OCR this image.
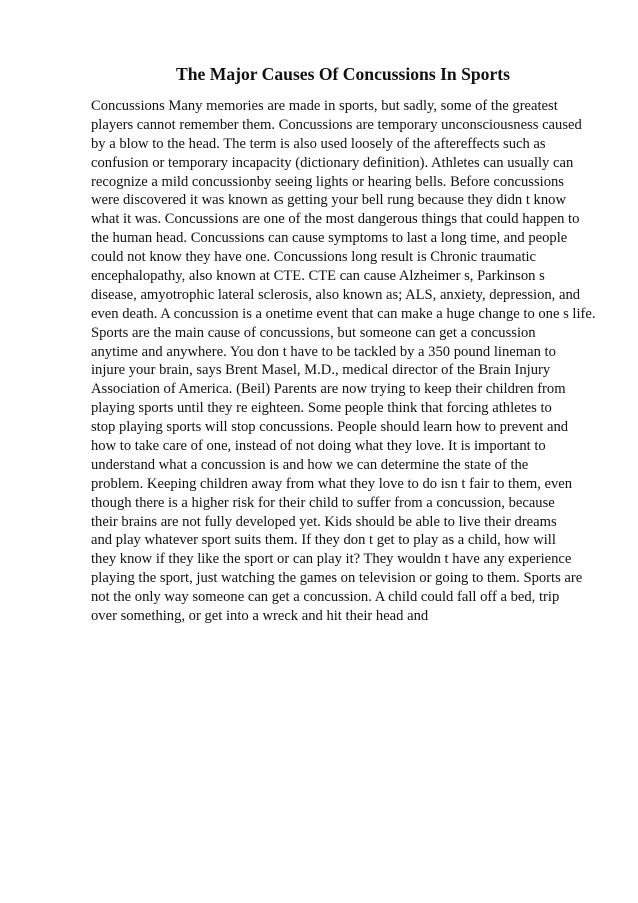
The Major Causes Of Concussions In Sports
Concussions Many memories are made in sports, but sadly, some of the greatest
players cannot remember them. Concussions are temporary unconsciousness caused
by a blow to the head. The term is also used loosely of the aftereffects such as
confusion or temporary incapacity (dictionary definition). Athletes can usually can
recognize a mild concussionby seeing lights or hearing bells. Before concussions
were discovered it was known as getting your bell rung because they didn t know
what it was. Concussions are one of the most dangerous things that could happen to
the human head. Concussions can cause symptoms to last a long time, and people
could not know they have one. Concussions long result is Chronic traumatic
encephalopathy, also known at CTE. CTE can cause Alzheimer s, Parkinson s
disease, amyotrophic lateral sclerosis, also known as; ALS, anxiety, depression, and
even death. A concussion is a onetime event that can make a huge change to one s life.
Sports are the main cause of concussions, but someone can get a concussion
anytime and anywhere. You don t have to be tackled by a 350 pound lineman to
injure your brain, says Brent Masel, M.D., medical director of the Brain Injury
Association of America. (Beil) Parents are now trying to keep their children from
playing sports until they re eighteen. Some people think that forcing athletes to
stop playing sports will stop concussions. People should learn how to prevent and
how to take care of one, instead of not doing what they love. It is important to
understand what a concussion is and how we can determine the state of the
problem. Keeping children away from what they love to do isn t fair to them, even
though there is a higher risk for their child to suffer from a concussion, because
their brains are not fully developed yet. Kids should be able to live their dreams
and play whatever sport suits them. If they don t get to play as a child, how will
they know if they like the sport or can play it? They wouldn t have any experience
playing the sport, just watching the games on television or going to them. Sports are
not the only way someone can get a concussion. A child could fall off a bed, trip
over something, or get into a wreck and hit their head and
